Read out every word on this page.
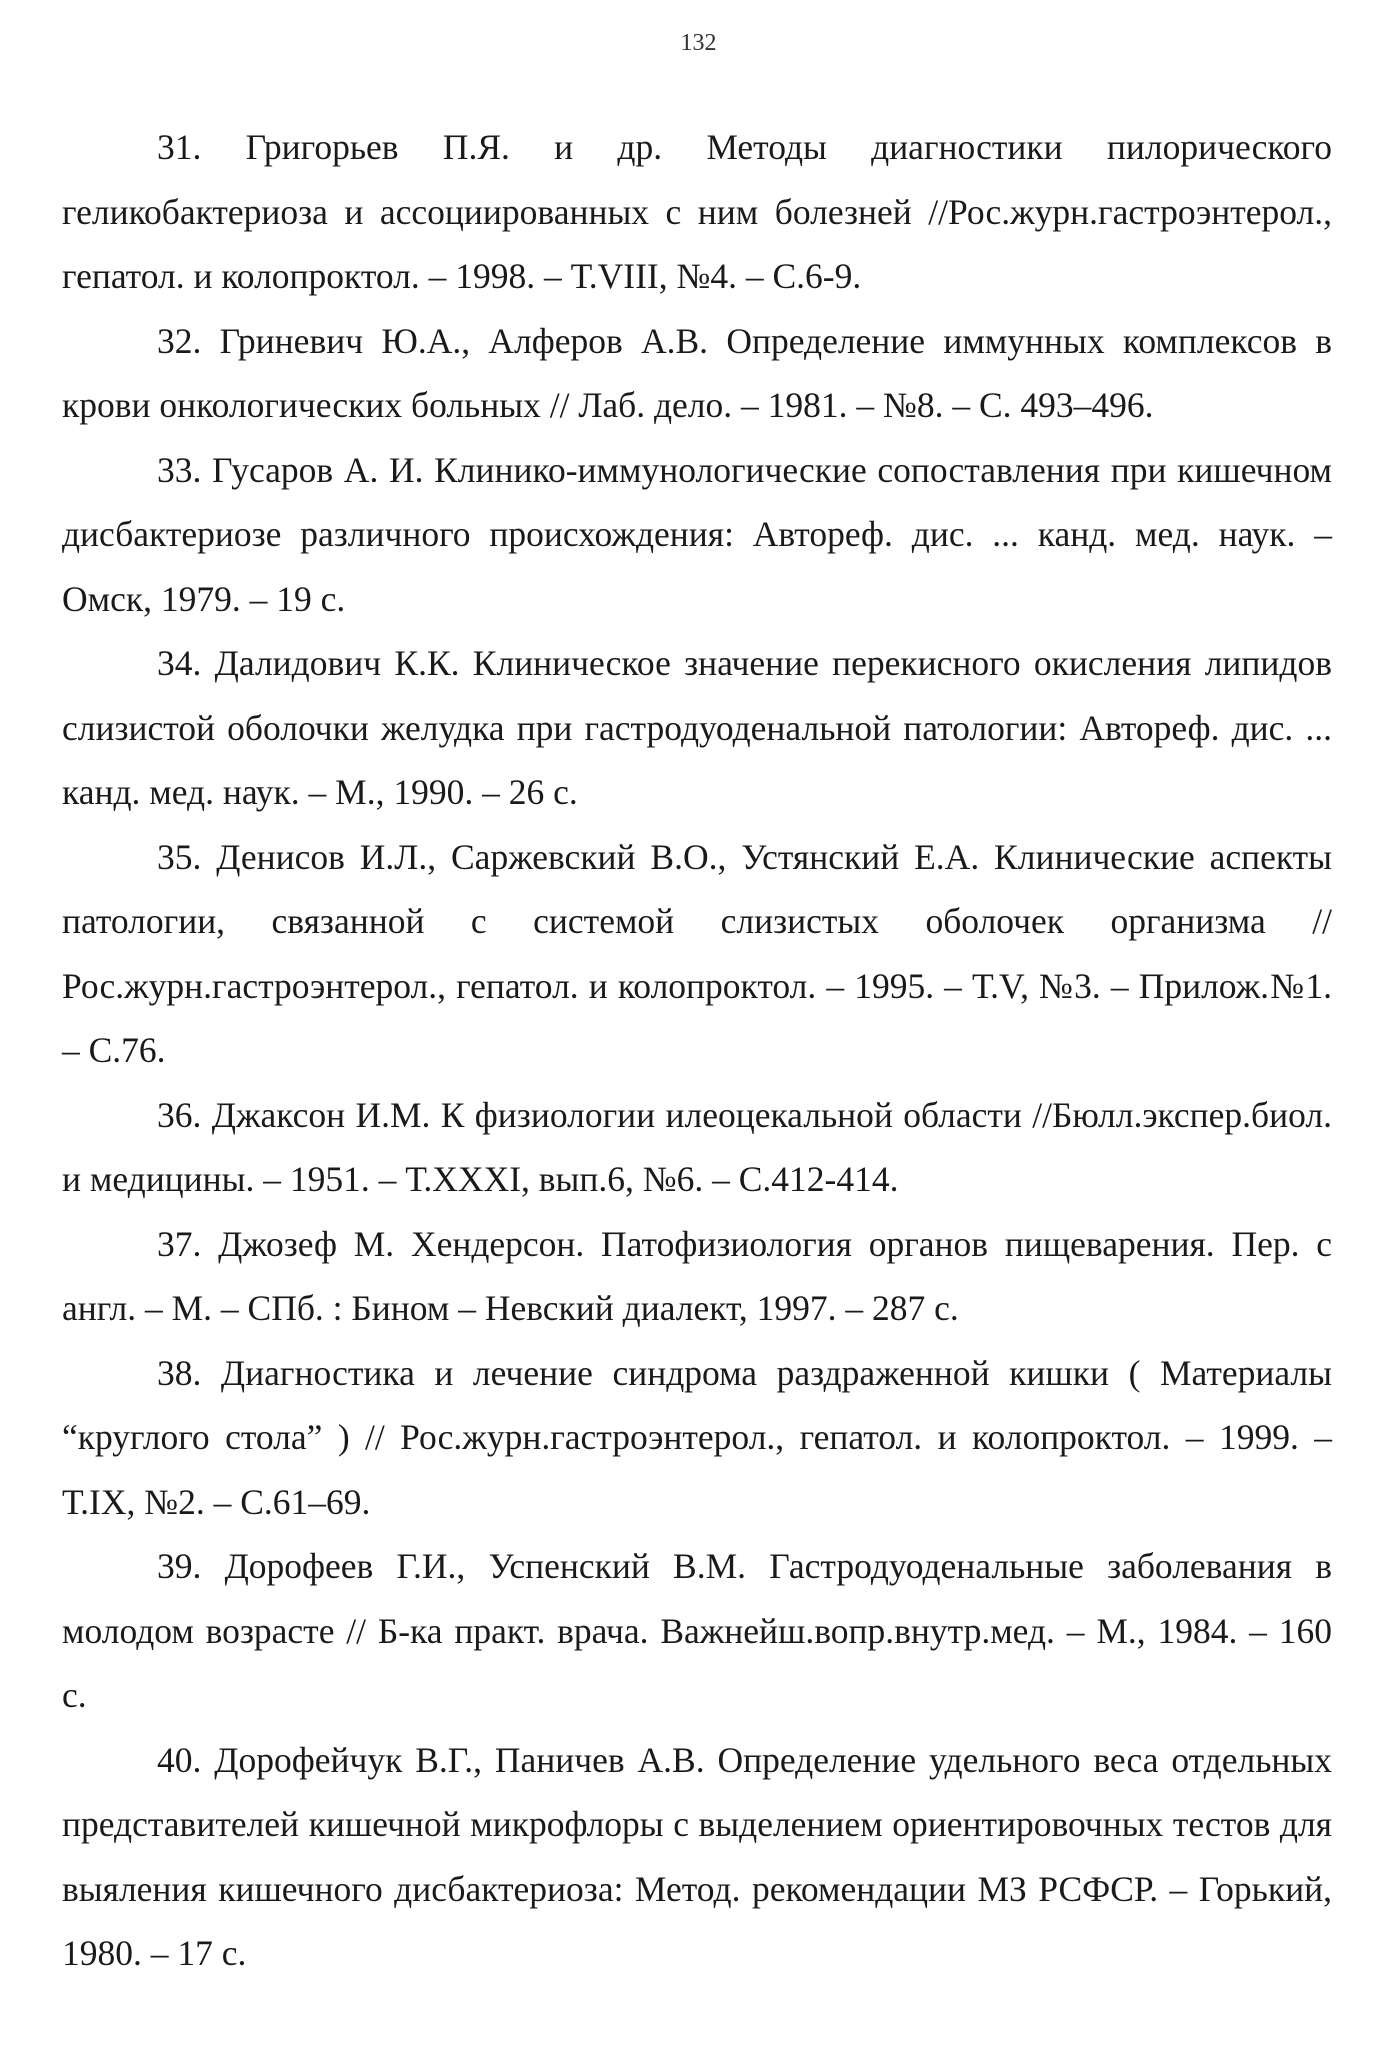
132

31. Григорьев П.Я. и др. Методы диагностики пилорического геликобактериоза и ассоциированных с ним болезней //Рос.журн.гастроэнтерол., гепатол. и колопроктол. – 1998. – Т.VIII, №4. – С.6-9.

32. Гриневич Ю.А., Алферов А.В. Определение иммунных комплексов в крови онкологических больных // Лаб. дело. – 1981. – №8. – С. 493–496.

33. Гусаров А. И. Клинико-иммунологические сопоставления при кишечном дисбактериозе различного происхождения: Автореф. дис. ... канд. мед. наук. – Омск, 1979. – 19 с.

34. Далидович К.К. Клиническое значение перекисного окисления липидов слизистой оболочки желудка при гастродуоденальной патологии: Автореф. дис. ... канд. мед. наук. – М., 1990. – 26 с.

35. Денисов И.Л., Саржевский В.О., Устянский Е.А. Клинические аспекты патологии, связанной с системой слизистых оболочек организма //Рос.журн.гастроэнтерол., гепатол. и колопроктол. – 1995. – Т.V, №3. – Прилож.№1. – С.76.

36. Джаксон И.М. К физиологии илеоцекальной области //Бюлл.экспер.биол. и медицины. – 1951. – Т.XXXI, вып.6, №6. – С.412-414.

37. Джозеф М. Хендерсон. Патофизиология органов пищеварения. Пер. с англ. – М. – СПб. : Бином – Невский диалект, 1997. – 287 с.

38. Диагностика и лечение синдрома раздраженной кишки ( Материалы “круглого стола” ) // Рос.журн.гастроэнтерол., гепатол. и колопроктол. – 1999. – Т.IX, №2. – С.61–69.

39. Дорофеев Г.И., Успенский В.М. Гастродуоденальные заболевания в молодом возрасте // Б-ка практ. врача. Важнейш.вопр.внутр.мед. – М., 1984. – 160 с.

40. Дорофейчук В.Г., Паничев А.В. Определение удельного веса отдельных представителей кишечной микрофлоры с выделением ориентировочных тестов для выяления кишечного дисбактериоза: Метод. рекомендации МЗ РСФСР. – Горький, 1980. – 17 с.
